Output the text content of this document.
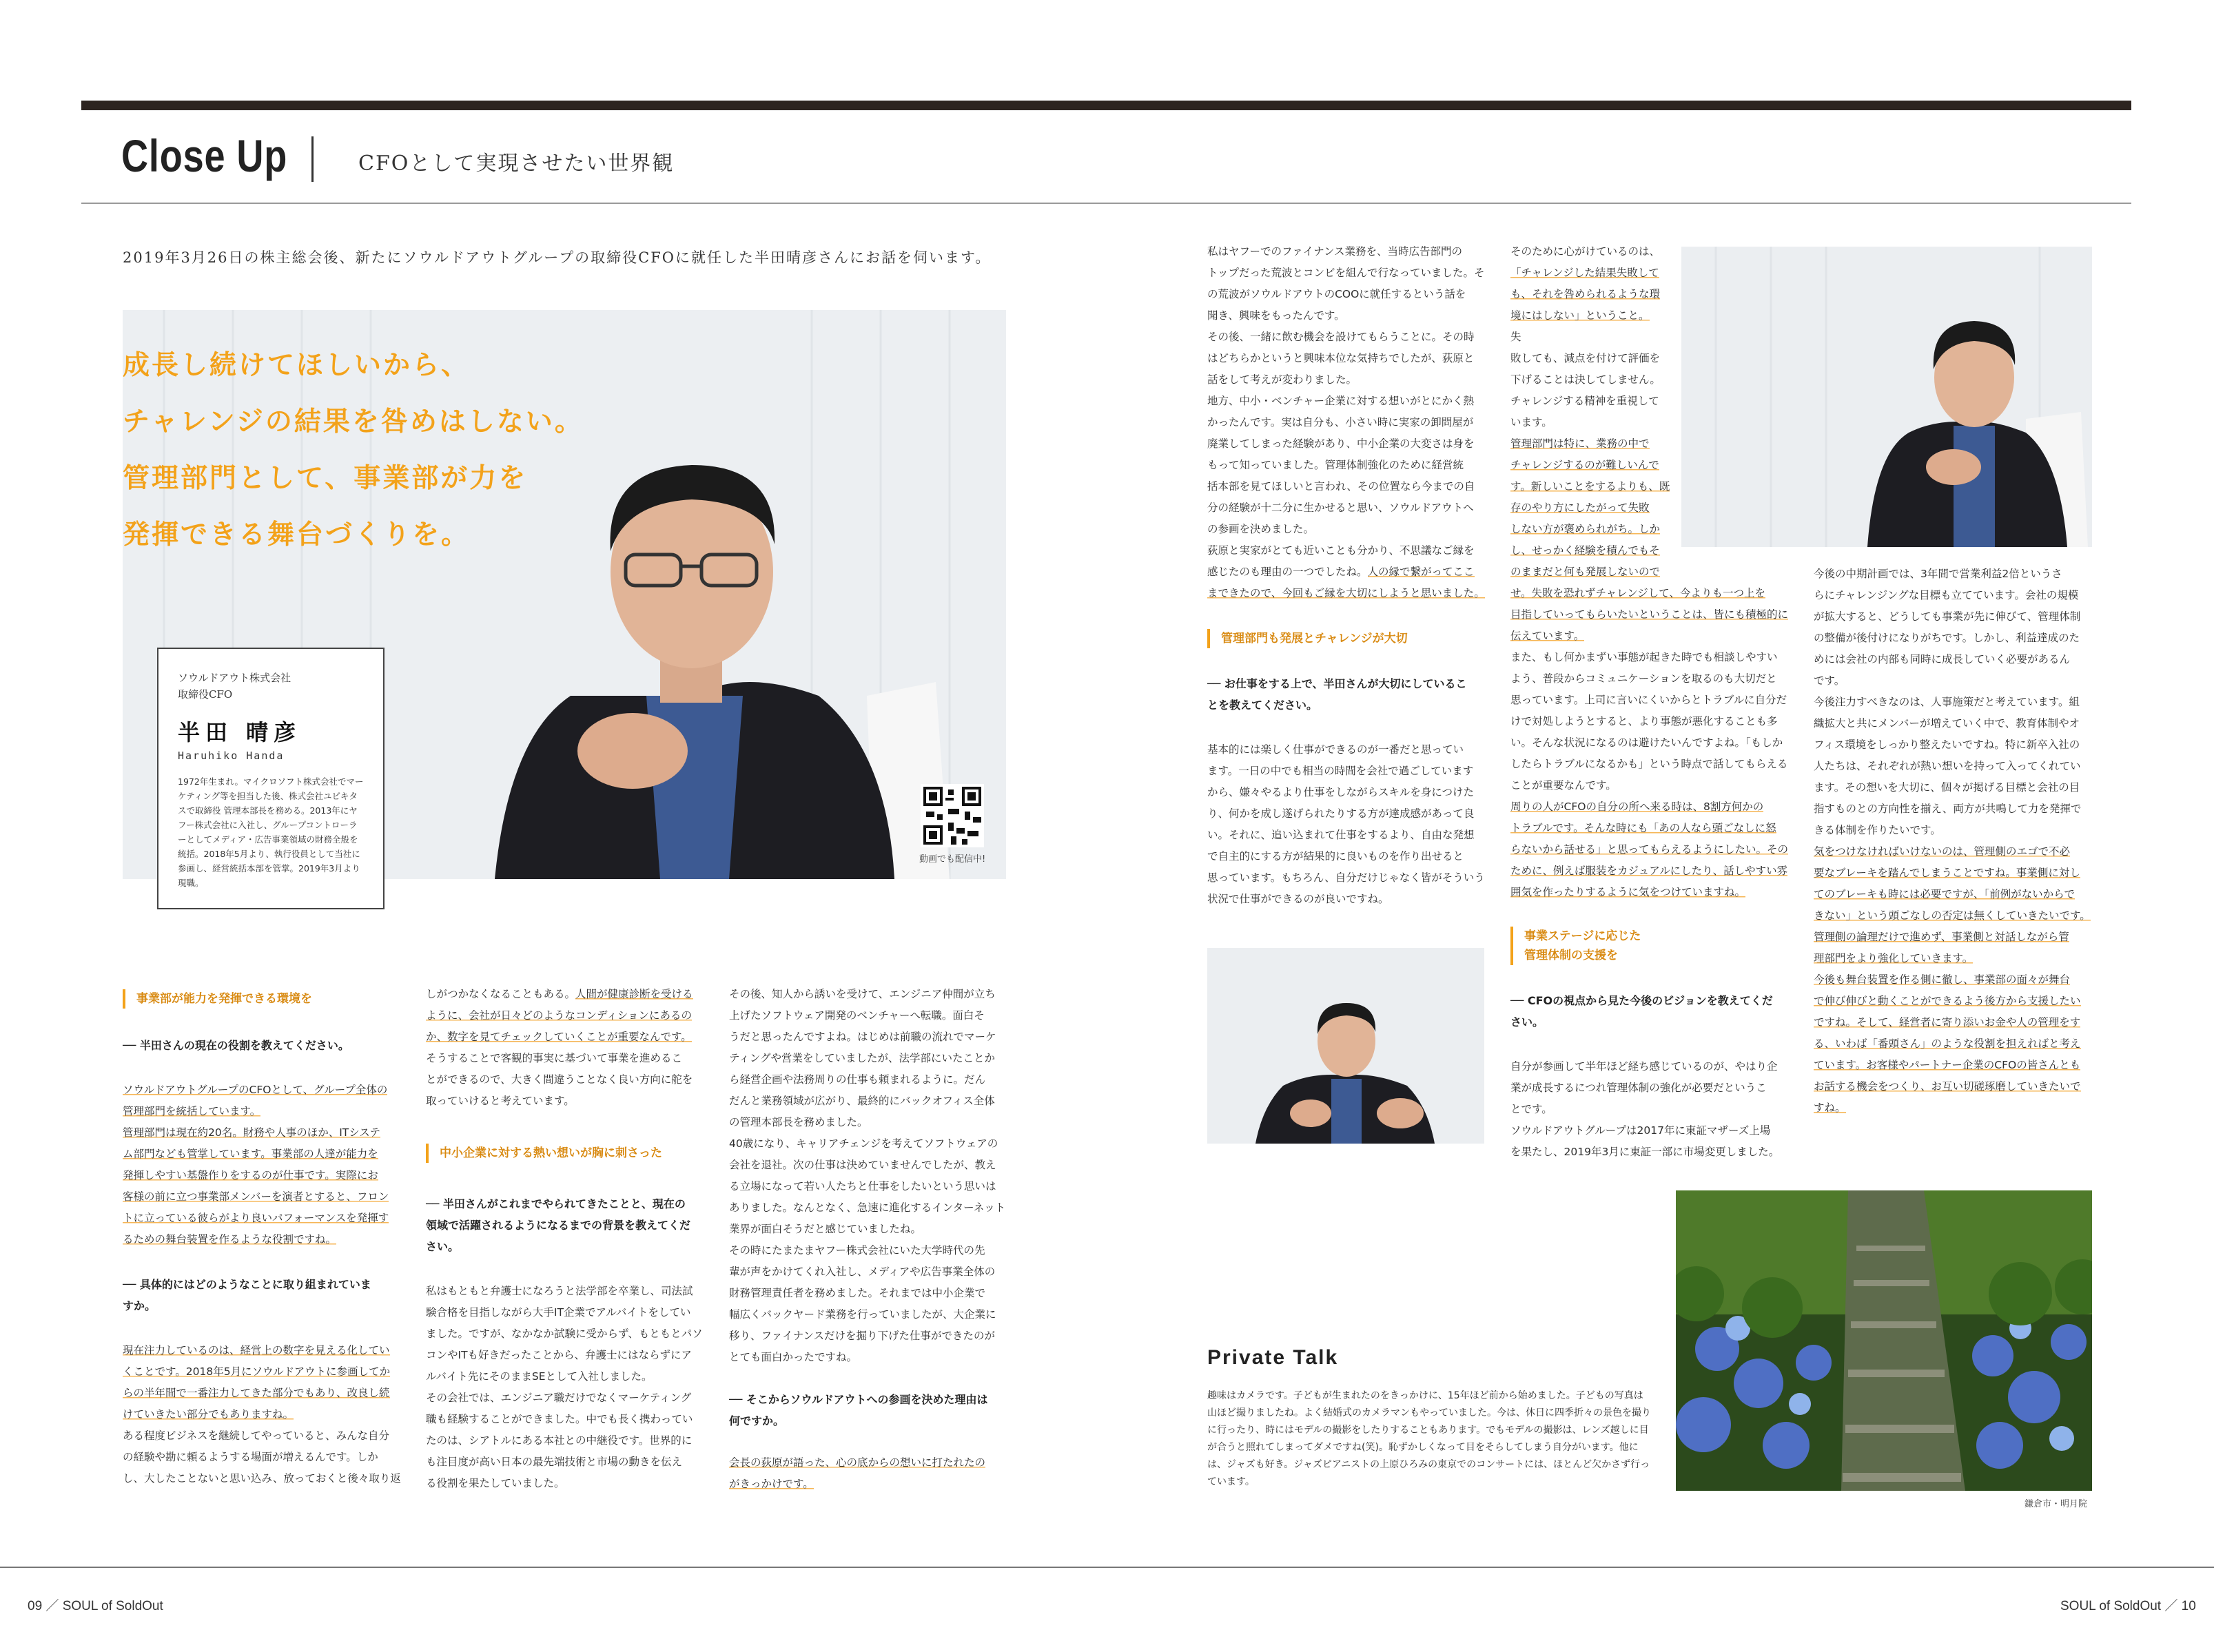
Close Up	CFOとして実現させたい世界観
2019年3月26日の株主総会後、新たにソウルドアウトグループの取締役CFOに就任した半田晴彦さんにお話を伺います。
成長し続けてほしいから、
チャレンジの結果を咎めはしない。
管理部門として、事業部が力を
発揮できる舞台づくりを。
ソウルドアウト株式会社
取締役CFO
半田 晴彦
Haruhiko Handa
1972年生まれ。マイクロソフト株式会社でマーケティング等を担当した後、株式会社ユビキタスで取締役 管理本部長を務める。2013年にヤフー株式会社に入社し、グループコントローラーとしてメディア・広告事業領域の財務全般を統括。2018年5月より、執行役員として当社に参画し、経営統括本部を管掌。2019年3月より現職。
動画でも配信中!
事業部が能力を発揮できる環境を
── 半田さんの現在の役割を教えてください。
ソウルドアウトグループのCFOとして、グループ全体の
管理部門を統括しています。
管理部門は現在約20名。財務や人事のほか、ITシステ
ム部門なども管掌しています。事業部の人達が能力を
発揮しやすい基盤作りをするのが仕事です。実際にお
客様の前に立つ事業部メンバーを演者とすると、フロン
トに立っている彼らがより良いパフォーマンスを発揮す
るための舞台装置を作るような役割ですね。
── 具体的にはどのようなことに取り組まれていま
すか。
現在注力しているのは、経営上の数字を見える化してい
くことです。2018年5月にソウルドアウトに参画してか
らの半年間で一番注力してきた部分でもあり、改良し続
けていきたい部分でもありますね。
ある程度ビジネスを継続してやっていると、みんな自分
の経験や勘に頼るようする場面が増えるんです。しか
し、大したことないと思い込み、放っておくと後々取り返
しがつかなくなることもある。人間が健康診断を受ける
ように、会社が日々どのようなコンディションにあるの
か、数字を見てチェックしていくことが重要なんです。
そうすることで客観的事実に基づいて事業を進めるこ
とができるので、大きく間違うことなく良い方向に舵を
取っていけると考えています。
中小企業に対する熱い想いが胸に刺さった
── 半田さんがこれまでやられてきたことと、現在の
領域で活躍されるようになるまでの背景を教えてくだ
さい。
私はもともと弁護士になろうと法学部を卒業し、司法試
験合格を目指しながら大手IT企業でアルバイトをしてい
ました。ですが、なかなか試験に受からず、もともとパソ
コンやITも好きだったことから、弁護士にはならずにア
ルバイト先にそのままSEとして入社しました。
その会社では、エンジニア職だけでなくマーケティング
職も経験することができました。中でも長く携わってい
たのは、シアトルにある本社との中継役です。世界的に
も注目度が高い日本の最先端技術と市場の動きを伝え
る役割を果たしていました。
その後、知人から誘いを受けて、エンジニア仲間が立ち
上げたソフトウェア開発のベンチャーへ転職。面白そ
うだと思ったんですよね。はじめは前職の流れでマーケ
ティングや営業をしていましたが、法学部にいたことか
ら経営企画や法務周りの仕事も頼まれるように。だん
だんと業務領域が広がり、最終的にバックオフィス全体
の管理本部長を務めました。
40歳になり、キャリアチェンジを考えてソフトウェアの
会社を退社。次の仕事は決めていませんでしたが、教え
る立場になって若い人たちと仕事をしたいという思いは
ありました。なんとなく、急速に進化するインターネット
業界が面白そうだと感じていましたね。
その時にたまたまヤフー株式会社にいた大学時代の先
輩が声をかけてくれ入社し、メディアや広告事業全体の
財務管理責任者を務めました。それまでは中小企業で
幅広くバックヤード業務を行っていましたが、大企業に
移り、ファイナンスだけを掘り下げた仕事ができたのが
とても面白かったですね。
── そこからソウルドアウトへの参画を決めた理由は
何ですか。
会長の荻原が語った、心の底からの想いに打たれたの
がきっかけです。
私はヤフーでのファイナンス業務を、当時広告部門の
トップだった荒波とコンビを組んで行なっていました。そ
の荒波がソウルドアウトのCOOに就任するという話を
聞き、興味をもったんです。
その後、一緒に飲む機会を設けてもらうことに。その時
はどちらかというと興味本位な気持ちでしたが、荻原と
話をして考えが変わりました。
地方、中小・ベンチャー企業に対する想いがとにかく熱
かったんです。実は自分も、小さい時に実家の卸問屋が
廃業してしまった経験があり、中小企業の大変さは身を
もって知っていました。管理体制強化のために経営統
括本部を見てほしいと言われ、その位置なら今までの自
分の経験が十二分に生かせると思い、ソウルドアウトへ
の参画を決めました。
荻原と実家がとても近いことも分かり、不思議なご縁を
感じたのも理由の一つでしたね。人の縁で繋がってここ
まできたので、今回もご縁を大切にしようと思いました。
管理部門も発展とチャレンジが大切
── お仕事をする上で、半田さんが大切にしているこ
とを教えてください。
基本的には楽しく仕事ができるのが一番だと思ってい
ます。一日の中でも相当の時間を会社で過ごしています
から、嫌々やるより仕事をしながらスキルを身につけた
り、何かを成し遂げられたりする方が達成感があって良
い。それに、追い込まれて仕事をするより、自由な発想
で自主的にする方が結果的に良いものを作り出せると
思っています。もちろん、自分だけじゃなく皆がそういう
状況で仕事ができるのが良いですね。
そのために心がけているのは、
「チャレンジした結果失敗して
も、それを咎められるような環
境にはしない」ということ。
失
敗しても、減点を付けて評価を
下げることは決してしません。
チャレンジする精神を重視して
います。
管理部門は特に、業務の中で
チャレンジするのが難しいんで
す。新しいことをするよりも、既
存のやり方にしたがって失敗
しない方が褒められがち。しか
し、せっかく経験を積んでもそ
のままだと何も発展しないので
せ。失敗を恐れずチャレンジして、今よりも一つ上を
目指していってもらいたいということは、皆にも積極的に
伝えています。
また、もし何かまずい事態が起きた時でも相談しやすい
よう、普段からコミュニケーションを取るのも大切だと
思っています。上司に言いにくいからとトラブルに自分だ
けで対処しようとすると、より事態が悪化することも多
い。そんな状況になるのは避けたいんですよね。「もしか
したらトラブルになるかも」という時点で話してもらえる
ことが重要なんです。
周りの人がCFOの自分の所へ来る時は、8割方何かの
トラブルです。そんな時にも「あの人なら頭ごなしに怒
らないから話せる」と思ってもらえるようにしたい。その
ために、例えば服装をカジュアルにしたり、話しやすい雰
囲気を作ったりするように気をつけていますね。
事業ステージに応じた
管理体制の支援を
── CFOの視点から見た今後のビジョンを教えてくだ
さい。
自分が参画して半年ほど経ち感じているのが、やはり企
業が成長するにつれ管理体制の強化が必要だというこ
とです。
ソウルドアウトグループは2017年に東証マザーズ上場
を果たし、2019年3月に東証一部に市場変更しました。
今後の中期計画では、3年間で営業利益2倍というさ
らにチャレンジングな目標も立てています。会社の規模
が拡大すると、どうしても事業が先に伸びて、管理体制
の整備が後付けになりがちです。しかし、利益達成のた
めには会社の内部も同時に成長していく必要があるん
です。
今後注力すべきなのは、人事施策だと考えています。組
織拡大と共にメンバーが増えていく中で、教育体制やオ
フィス環境をしっかり整えたいですね。特に新卒入社の
人たちは、それぞれが熱い想いを持って入ってくれてい
ます。その想いを大切に、個々が掲げる目標と会社の目
指すものとの方向性を揃え、両方が共鳴して力を発揮で
きる体制を作りたいです。
気をつけなければいけないのは、管理側のエゴで不必
要なブレーキを踏んでしまうことですね。事業側に対し
てのブレーキも時には必要ですが、「前例がないからで
きない」という頭ごなしの否定は無くしていきたいです。
管理側の論理だけで進めず、事業側と対話しながら管
理部門をより強化していきます。
今後も舞台装置を作る側に徹し、事業部の面々が舞台
で伸び伸びと動くことができるよう後方から支援したい
ですね。そして、経営者に寄り添いお金や人の管理をす
る、いわば「番頭さん」のような役割を担えればと考え
ています。お客様やパートナー企業のCFOの皆さんとも
お話する機会をつくり、お互い切磋琢磨していきたいで
すね。
Private Talk
趣味はカメラです。子どもが生まれたのをきっかけに、15年ほど前から始めました。子どもの写真は
山ほど撮りましたね。よく結婚式のカメラマンもやっていました。今は、休日に四季折々の景色を撮り
に行ったり、時にはモデルの撮影をしたりすることもあります。でもモデルの撮影は、レンズ越しに目
が合うと照れてしまってダメですね(笑)。恥ずかしくなって目をそらしてしまう自分がいます。他に
は、ジャズも好き。ジャズピアニストの上原ひろみの東京でのコンサートには、ほとんど欠かさず行っ
ています。
鎌倉市・明月院
09 ／ SOUL of SoldOut	SOUL of SoldOut ／ 10
